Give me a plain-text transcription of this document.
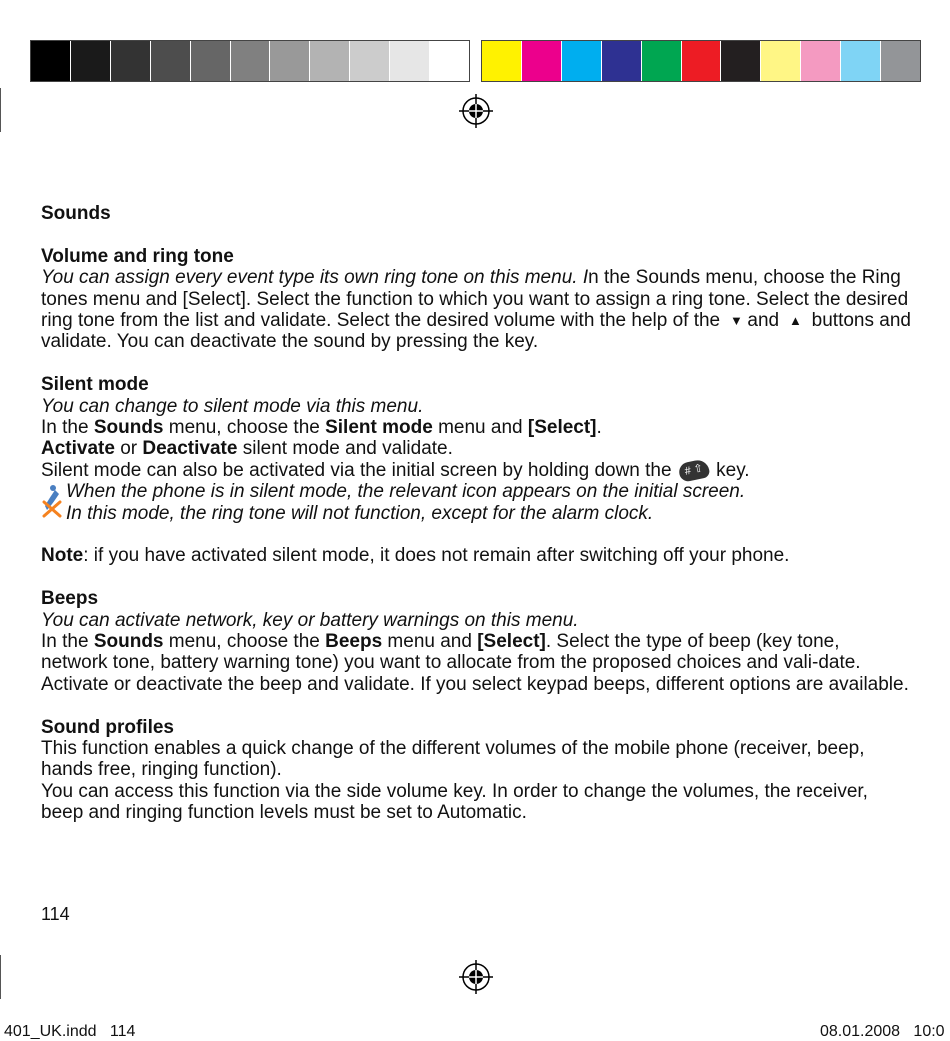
Sounds

Volume and ring tone

You can assign every event type its own ring tone on this menu. In the Sounds menu, choose the Ring tones menu and [Select]. Select the function to which you want to assign a ring tone. Select the desired ring tone from the list and validate. Select the desired volume with the help of the ▼ and ▲ buttons and validate. You can deactivate the sound by pressing the key.

Silent mode

You can change to silent mode via this menu.

In the Sounds menu, choose the Silent mode menu and [Select].

Activate or Deactivate silent mode and validate.

Silent mode can also be activated via the initial screen by holding down the # ⇧ key.

When the phone is in silent mode, the relevant icon appears on the initial screen.

In this mode, the ring tone will not function, except for the alarm clock.

Note: if you have activated silent mode, it does not remain after switching off your phone.

Beeps

You can activate network, key or battery warnings on this menu.

In the Sounds menu, choose the Beeps menu and [Select]. Select the type of beep (key tone, network tone, battery warning tone) you want to allocate from the proposed choices and vali-date. Activate or deactivate the beep and validate. If you select keypad beeps, different options are available.

Sound profiles

This function enables a quick change of the different volumes of the mobile phone (receiver, beep, hands free, ringing function).

You can access this function via the side volume key. In order to change the volumes, the receiver, beep and ringing function levels must be set to Automatic.

114
401_UK.indd   114	08.01.2008   10:0
